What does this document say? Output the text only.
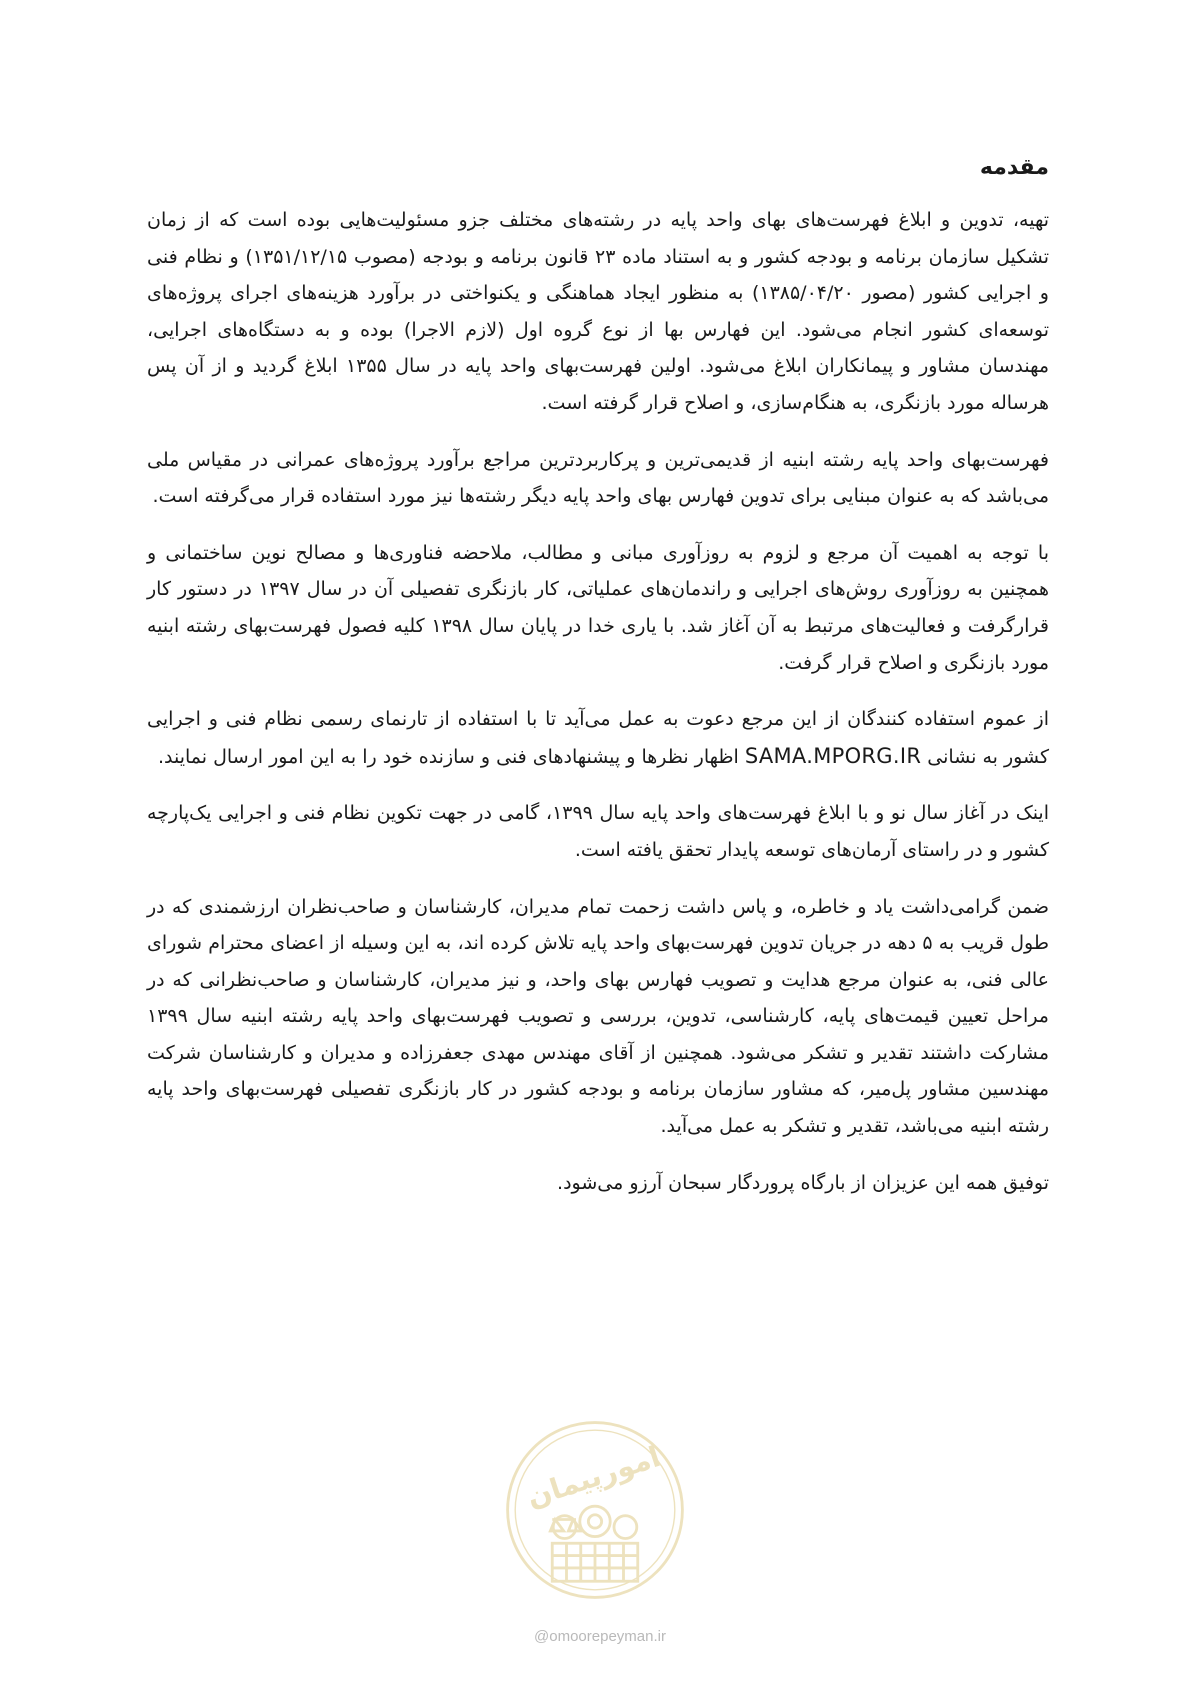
مقدمه

تهیه، تدوین و ابلاغ فهرست‌های بهای واحد پایه در رشته‌های مختلف جزو مسئولیت‌هایی بوده است که از زمان تشکیل سازمان برنامه و بودجه کشور و به استناد ماده ۲۳ قانون برنامه و بودجه (مصوب ۱۳۵۱/۱۲/۱۵) و نظام فنی و اجرایی کشور (مصور ۱۳۸۵/۰۴/۲۰) به منظور ایجاد هماهنگی و یکنواختی در برآورد هزینه‌های اجرای پروژه‌های توسعه‌ای کشور انجام می‌شود. این فهارس بها از نوع گروه اول (لازم الاجرا) بوده و به دستگاه‌های اجرایی، مهندسان مشاور و پیمانکاران ابلاغ می‌شود. اولین فهرست‌بهای واحد پایه در سال ۱۳۵۵ ابلاغ گردید و از آن پس هرساله مورد بازنگری، به هنگام‌سازی، و اصلاح قرار گرفته است.

فهرست‌بهای واحد پایه رشته ابنیه از قدیمی‌ترین و پرکاربردترین مراجع برآورد پروژه‌های عمرانی در مقیاس ملی می‌باشد که به عنوان مبنایی برای تدوین فهارس بهای واحد پایه دیگر رشته‌ها نیز مورد استفاده قرار می‌گرفته است.

با توجه به اهمیت آن مرجع و لزوم به روزآوری مبانی و مطالب، ملاحضه فناوری‌ها و مصالح نوین ساختمانی و همچنین به روزآوری روش‌های اجرایی و راندمان‌های عملیاتی، کار بازنگری تفصیلی آن در سال ۱۳۹۷ در دستور کار قرارگرفت و فعالیت‌های مرتبط به آن آغاز شد. با یاری خدا در پایان سال ۱۳۹۸ کلیه فصول فهرست‌بهای رشته ابنیه مورد بازنگری و اصلاح قرار گرفت.

از عموم استفاده کنندگان از این مرجع دعوت به عمل می‌آید تا با استفاده از تارنمای رسمی نظام فنی و اجرایی کشور به نشانی SAMA.MPORG.IR اظهار نظرها و پیشنهادهای فنی و سازنده خود را به این امور ارسال نمایند.

اینک در آغاز سال نو و با ابلاغ فهرست‌های واحد پایه سال ۱۳۹۹، گامی در جهت تکوین نظام فنی و اجرایی یک‌پارچه کشور و در راستای آرمان‌های توسعه پایدار تحقق یافته است.

ضمن گرامی‌داشت یاد و خاطره، و پاس داشت زحمت تمام مدیران، کارشناسان و صاحب‌نظران ارزشمندی که در طول قریب به ۵ دهه در جریان تدوین فهرست‌بهای واحد پایه تلاش کرده اند، به این وسیله از اعضای محترام شورای عالی فنی، به عنوان مرجع هدایت و تصویب فهارس بهای واحد، و نیز مدیران، کارشناسان و صاحب‌نظرانی که در مراحل تعیین قیمت‌های پایه، کارشناسی، تدوین، بررسی و تصویب فهرست‌بهای واحد پایه رشته ابنیه سال ۱۳۹۹ مشارکت داشتند تقدیر و تشکر می‌شود. همچنین از آقای مهندس مهدی جعفرزاده و مدیران و کارشناسان شرکت مهندسین مشاور پل‌میر، که مشاور سازمان برنامه و بودجه کشور در کار بازنگری تفصیلی فهرست‌بهای واحد پایه رشته ابنیه می‌باشد، تقدیر و تشکر به عمل می‌آید.

توفیق همه این عزیزان از بارگاه پروردگار سبحان آرزو می‌شود.

امورپیمان
@omoorepeyman.ir
